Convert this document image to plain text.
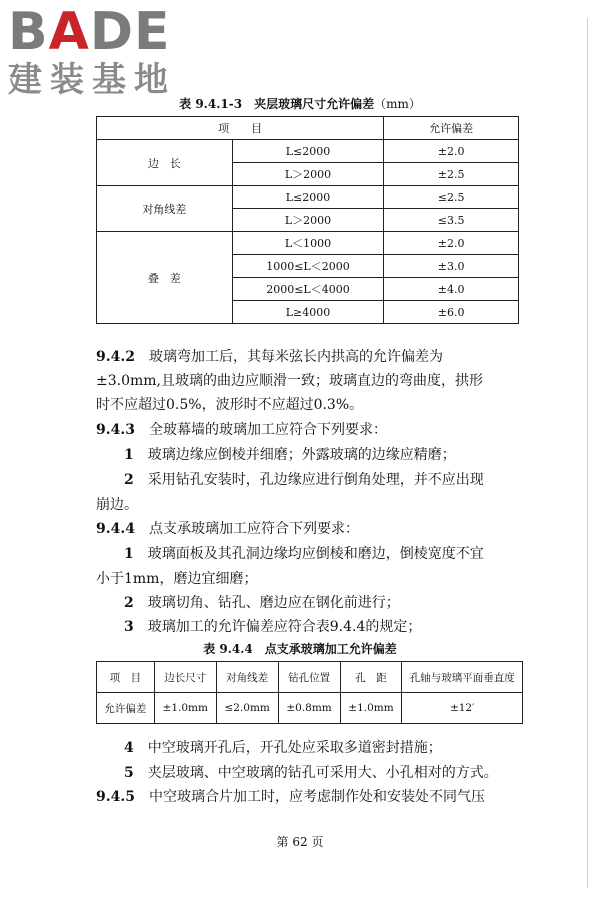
BADE
建装基地
表 9.4.1-3　夹层玻璃尺寸允许偏差（mm）
项　　目		允许偏差
边　长	L≤2000	±2.0
	L＞2000	±2.5
对角线差	L≤2000	≤2.5
	L＞2000	≤3.5
叠　差	L＜1000	±2.0
	1000≤L＜2000	±3.0
	2000≤L＜4000	±4.0
	L≥4000	±6.0
9.4.2　玻璃弯加工后，其每米弦长内拱高的允许偏差为
±3.0mm,且玻璃的曲边应顺滑一致；玻璃直边的弯曲度，拱形
时不应超过0.5%，波形时不应超过0.3%。
9.4.3　全玻幕墙的玻璃加工应符合下列要求：
1　玻璃边缘应倒棱并细磨；外露玻璃的边缘应精磨；
2　采用钻孔安装时，孔边缘应进行倒角处理，并不应出现
崩边。
9.4.4　点支承玻璃加工应符合下列要求：
1　玻璃面板及其孔洞边缘均应倒棱和磨边，倒棱宽度不宜
小于1mm，磨边宜细磨；
2　玻璃切角、钻孔、磨边应在钢化前进行；
3　玻璃加工的允许偏差应符合表9.4.4的规定；
表 9.4.4　点支承玻璃加工允许偏差
项　目	边长尺寸	对角线差	钻孔位置	孔　距	孔轴与玻璃平面垂直度
允许偏差	±1.0mm	≤2.0mm	±0.8mm	±1.0mm	±12′
4　中空玻璃开孔后，开孔处应采取多道密封措施；
5　夹层玻璃、中空玻璃的钻孔可采用大、小孔相对的方式。
9.4.5　中空玻璃合片加工时，应考虑制作处和安装处不同气压
第 62 页
